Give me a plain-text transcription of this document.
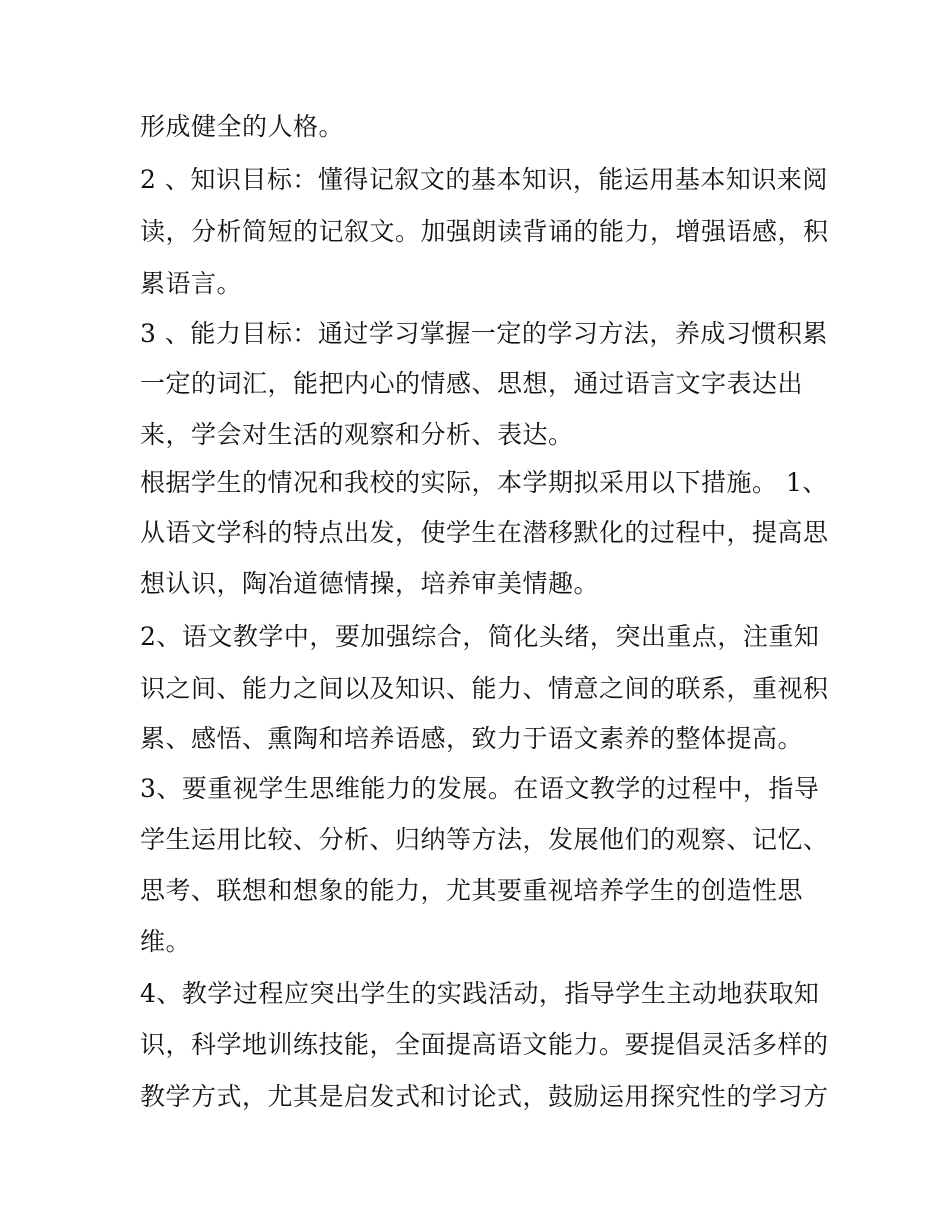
形成健全的人格。
2 、知识目标：懂得记叙文的基本知识，能运用基本知识来阅
读，分析简短的记叙文。加强朗读背诵的能力，增强语感，积
累语言。
3 、能力目标：通过学习掌握一定的学习方法，养成习惯积累
一定的词汇，能把内心的情感、思想，通过语言文字表达出
来，学会对生活的观察和分析、表达。
根据学生的情况和我校的实际，本学期拟采用以下措施。 1、
从语文学科的特点出发，使学生在潜移默化的过程中，提高思
想认识，陶冶道德情操，培养审美情趣。
2、语文教学中，要加强综合，简化头绪，突出重点，注重知
识之间、能力之间以及知识、能力、情意之间的联系，重视积
累、感悟、熏陶和培养语感，致力于语文素养的整体提高。
3、要重视学生思维能力的发展。在语文教学的过程中，指导
学生运用比较、分析、归纳等方法，发展他们的观察、记忆、
思考、联想和想象的能力，尤其要重视培养学生的创造性思
维。
4、教学过程应突出学生的实践活动，指导学生主动地获取知
识，科学地训练技能，全面提高语文能力。要提倡灵活多样的
教学方式，尤其是启发式和讨论式，鼓励运用探究性的学习方
